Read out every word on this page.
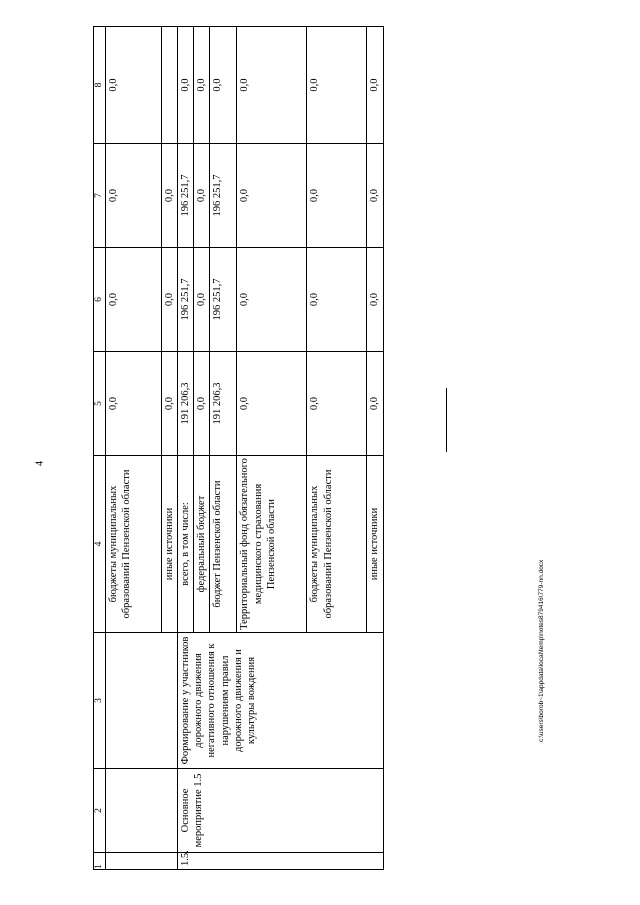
4
1	2	3	4	5	6	7	8
			бюджеты муниципальных образований Пензенской области	0,0	0,0	0,0	0,0
			иные источники	0,0	0,0	0,0	
1.5.	Основное мероприятие 1.5	Формирование у участников дорожного движения негативного отношения к нарушениям правил дорожного движения и культуры вождения	всего, в том числе:	191 206,3	196 251,7	196 251,7	0,0
			федеральный бюджет	0,0	0,0	0,0	0,0
			бюджет Пензенской области	191 206,3	196 251,7	196 251,7	0,0
			Территориальный фонд обязательного медицинского страхования Пензенской области	0,0	0,0	0,0	0,0
			бюджеты муниципальных образований Пензенской области	0,0	0,0	0,0	0,0
			иные источники	0,0	0,0	0,0	0,0
c:\users\borob~1\appdata\local\temp\notes879416\779-nn.docx
